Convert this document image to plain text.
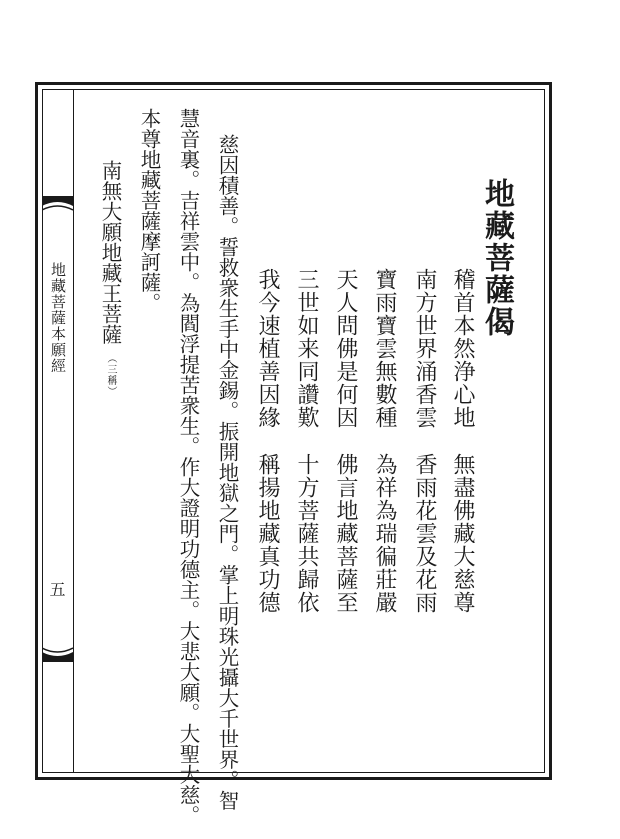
地藏菩薩本願經
五
地藏菩薩偈
稽首本然浄心地無盡佛藏大慈尊
南方世界涌香雲香雨花雲及花雨
寶雨寶雲無數種為祥為瑞徧莊嚴
天人問佛是何因佛言地藏菩薩至
三世如来同讚歎十方菩薩共歸依
我今速植善因緣稱揚地藏真功德
慈因積善。誓救衆生手中金錫。振開地獄之門。掌上明珠光攝大千世界。智
慧音裏。吉祥雲中。為閻浮提苦衆生。作大證明功德主。大悲大願。大聖大慈。
本尊地藏菩薩摩訶薩。
南無大願地藏王菩薩（三稱）
